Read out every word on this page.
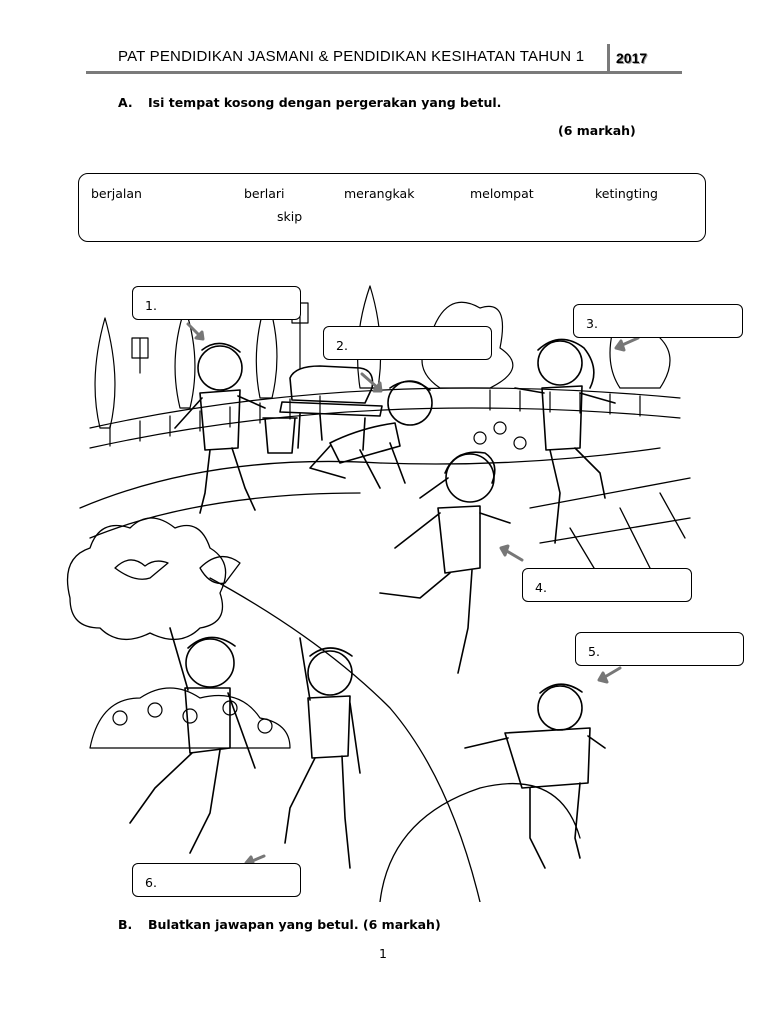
PAT PENDIDIKAN JASMANI & PENDIDIKAN KESIHATAN TAHUN 1 2017
A. Isi tempat kosong dengan pergerakan yang betul.
(6 markah)
berjalan	berlari	merangkak	melompat	ketingting
skip
1.
2.
3.
4.
5.
6.
B. Bulatkan jawapan yang betul. (6 markah)
1
